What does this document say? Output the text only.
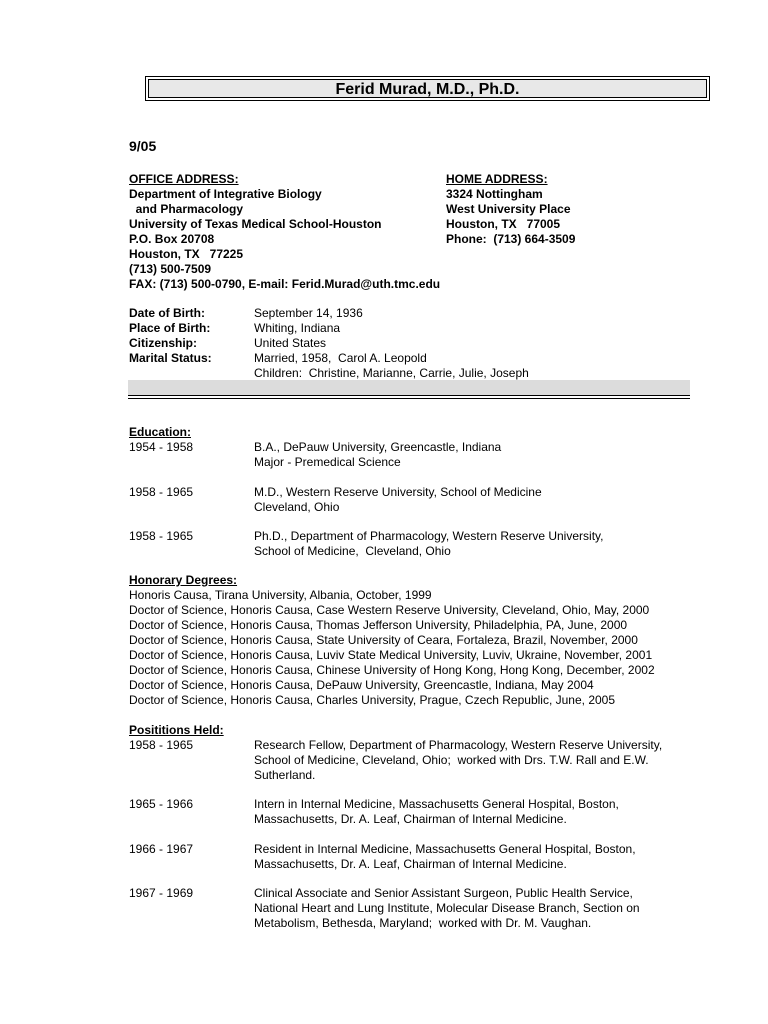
Ferid Murad, M.D., Ph.D.
9/05
OFFICE ADDRESS:
Department of Integrative Biology
and Pharmacology
University of Texas Medical School-Houston
P.O. Box 20708
Houston, TX   77225
(713) 500-7509
FAX: (713) 500-0790, E-mail: Ferid.Murad@uth.tmc.edu
HOME ADDRESS:
3324 Nottingham
West University Place
Houston, TX   77005
Phone:  (713) 664-3509
Date of Birth:	September 14, 1936
Place of Birth:	Whiting, Indiana
Citizenship:	United States
Marital Status:	Married, 1958,  Carol A. Leopold
Children:  Christine, Marianne, Carrie, Julie, Joseph
Education:
1954 - 1958	B.A., DePauw University, Greencastle, Indiana
Major - Premedical Science
1958 - 1965	M.D., Western Reserve University, School of Medicine
Cleveland, Ohio
1958 - 1965	Ph.D., Department of Pharmacology, Western Reserve University,
School of Medicine,  Cleveland, Ohio
Honorary Degrees:
Honoris Causa, Tirana University, Albania, October, 1999
Doctor of Science, Honoris Causa, Case Western Reserve University, Cleveland, Ohio, May, 2000
Doctor of Science, Honoris Causa, Thomas Jefferson University, Philadelphia, PA, June, 2000
Doctor of Science, Honoris Causa, State University of Ceara, Fortaleza, Brazil, November, 2000
Doctor of Science, Honoris Causa, Luviv State Medical University, Luviv, Ukraine, November, 2001
Doctor of Science, Honoris Causa, Chinese University of Hong Kong, Hong Kong, December, 2002
Doctor of Science, Honoris Causa, DePauw University, Greencastle, Indiana, May 2004
Doctor of Science, Honoris Causa, Charles University, Prague, Czech Republic, June, 2005
Posititions Held:
1958 - 1965	Research Fellow, Department of Pharmacology, Western Reserve University,
School of Medicine, Cleveland, Ohio;  worked with Drs. T.W. Rall and E.W.
Sutherland.
1965 - 1966	Intern in Internal Medicine, Massachusetts General Hospital, Boston,
Massachusetts, Dr. A. Leaf, Chairman of Internal Medicine.
1966 - 1967	Resident in Internal Medicine, Massachusetts General Hospital, Boston,
Massachusetts, Dr. A. Leaf, Chairman of Internal Medicine.
1967 - 1969	Clinical Associate and Senior Assistant Surgeon, Public Health Service,
National Heart and Lung Institute, Molecular Disease Branch, Section on
Metabolism, Bethesda, Maryland;  worked with Dr. M. Vaughan.
